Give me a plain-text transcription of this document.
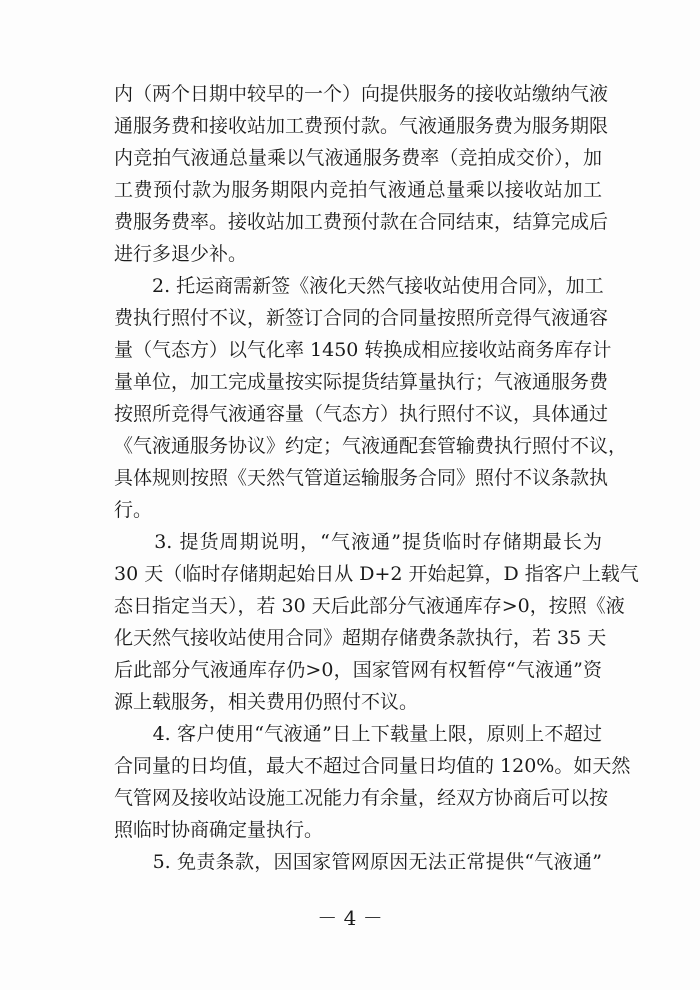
内（两个日期中较早的一个）向提供服务的接收站缴纳气液
通服务费和接收站加工费预付款。气液通服务费为服务期限
内竞拍气液通总量乘以气液通服务费率（竞拍成交价），加
工费预付款为服务期限内竞拍气液通总量乘以接收站加工
费服务费率。接收站加工费预付款在合同结束，结算完成后
进行多退少补。
　　2. 托运商需新签《液化天然气接收站使用合同》，加工
费执行照付不议，新签订合同的合同量按照所竞得气液通容
量（气态方）以气化率 1450 转换成相应接收站商务库存计
量单位，加工完成量按实际提货结算量执行；气液通服务费
按照所竞得气液通容量（气态方）执行照付不议，具体通过
《气液通服务协议》约定；气液通配套管输费执行照付不议，
具体规则按照《天然气管道运输服务合同》照付不议条款执
行。
　　3. 提货周期说明，“气液通”提货临时存储期最长为
30 天（临时存储期起始日从 D+2 开始起算，D 指客户上载气
态日指定当天），若 30 天后此部分气液通库存>0，按照《液
化天然气接收站使用合同》超期存储费条款执行，若 35 天
后此部分气液通库存仍>0，国家管网有权暂停“气液通”资
源上载服务，相关费用仍照付不议。
　　4. 客户使用“气液通”日上下载量上限，原则上不超过
合同量的日均值，最大不超过合同量日均值的 120%。如天然
气管网及接收站设施工况能力有余量，经双方协商后可以按
照临时协商确定量执行。
　　5. 免责条款，因国家管网原因无法正常提供“气液通”
－ 4 －
